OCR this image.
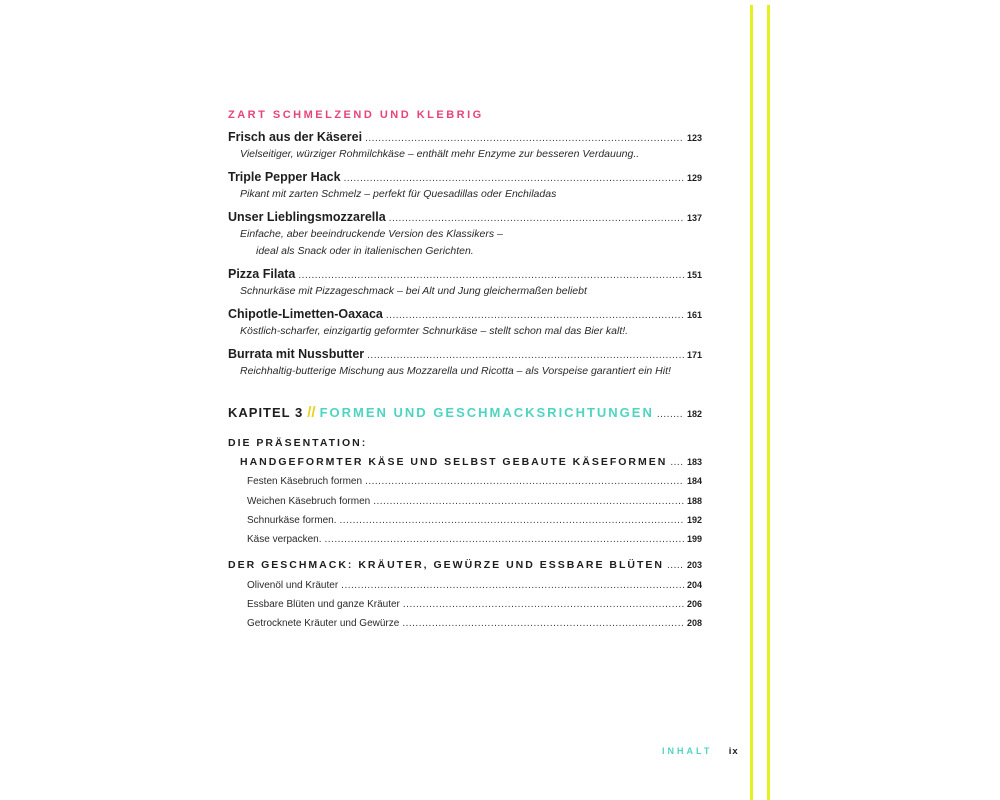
ZART SCHMELZEND UND KLEBRIG
Frisch aus der Käserei .....	123
Vielseitiger, würziger Rohmilchkäse – enthält mehr Enzyme zur besseren Verdauung..
Triple Pepper Hack .....	129
Pikant mit zarten Schmelz – perfekt für Quesadillas oder Enchiladas
Unser Lieblingsmozzarella .....	137
Einfache, aber beeindruckende Version des Klassikers –
ideal als Snack oder in italienischen Gerichten.
Pizza Filata .....	151
Schnurkäse mit Pizzageschmack – bei Alt und Jung gleichermaßen beliebt
Chipotle-Limetten-Oaxaca .....	161
Köstlich-scharfer, einzigartig geformter Schnurkäse – stellt schon mal das Bier kalt!.
Burrata mit Nussbutter .....	171
Reichhaltig-butterige Mischung aus Mozzarella und Ricotta – als Vorspeise garantiert ein Hit!
KAPITEL 3 // FORMEN UND GESCHMACKSRICHTUNGEN .....	182
DIE PRÄSENTATION:
HANDGEFORMTER KÄSE UND SELBST GEBAUTE KÄSEFORMEN ..... 183
Festen Käsebruch formen .....	184
Weichen Käsebruch formen .....	188
Schnurkäse formen. .....	192
Käse verpacken. .....	199
DER GESCHMACK: KRÄUTER, GEWÜRZE UND ESSBARE BLÜTEN .....	203
Olivenöl und Kräuter .....	204
Essbare Blüten und ganze Kräuter .....	206
Getrocknete Kräuter und Gewürze .....	208
INHALT ix
